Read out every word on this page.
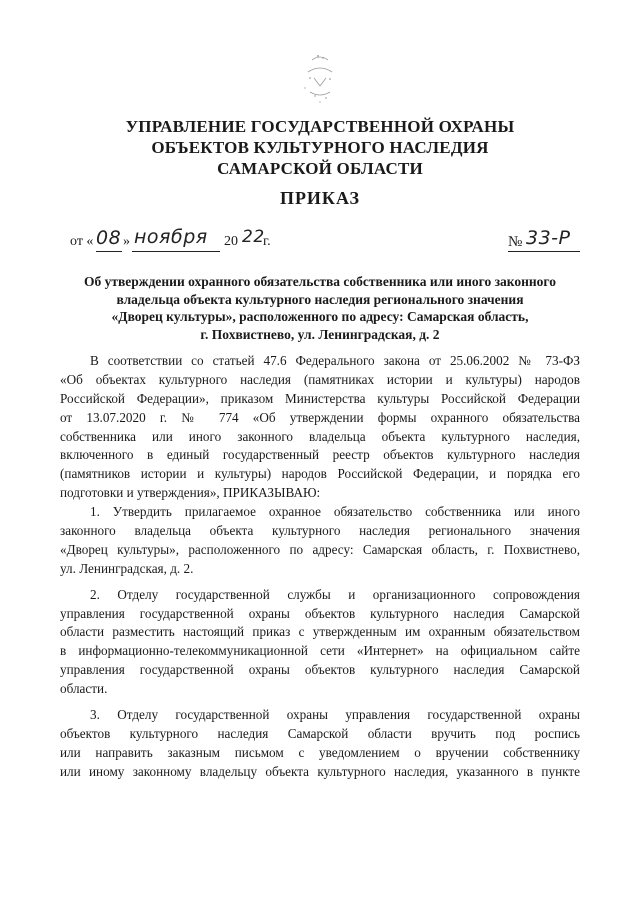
УПРАВЛЕНИЕ ГОСУДАРСТВЕННОЙ ОХРАНЫ
ОБЪЕКТОВ КУЛЬТУРНОГО НАСЛЕДИЯ
САМАРСКОЙ ОБЛАСТИ
ПРИКАЗ
от « 08 » ноября 20 22
г.	№ 33-Р
Об утверждении охранного обязательства собственника или иного законного
владельца объекта культурного наследия регионального значения
«Дворец культуры», расположенного по адресу: Самарская область,
г. Похвистнево, ул. Ленинградская, д. 2
В соответствии со статьей 47.6 Федерального закона от 25.06.2002 № 73-ФЗ
«Об объектах культурного наследия (памятниках истории и культуры) народов
Российской Федерации», приказом Министерства культуры Российской Федерации
от 13.07.2020 г. № 774 «Об утверждении формы охранного обязательства
собственника или иного законного владельца объекта культурного наследия,
включенного в единый государственный реестр объектов культурного наследия
(памятников истории и культуры) народов Российской Федерации, и порядка его
подготовки и утверждения», ПРИКАЗЫВАЮ:
1. Утвердить прилагаемое охранное обязательство собственника или иного
законного владельца объекта культурного наследия регионального значения
«Дворец культуры», расположенного по адресу: Самарская область, г. Похвистнево,
ул. Ленинградская, д. 2.
2. Отделу государственной службы и организационного сопровождения
управления государственной охраны объектов культурного наследия Самарской
области разместить настоящий приказ с утвержденным им охранным обязательством
в информационно-телекоммуникационной сети «Интернет» на официальном сайте
управления государственной охраны объектов культурного наследия Самарской
области.
3. Отделу государственной охраны управления государственной охраны
объектов культурного наследия Самарской области вручить под роспись
или направить заказным письмом с уведомлением о вручении собственнику
или иному законному владельцу объекта культурного наследия, указанного в пункте
